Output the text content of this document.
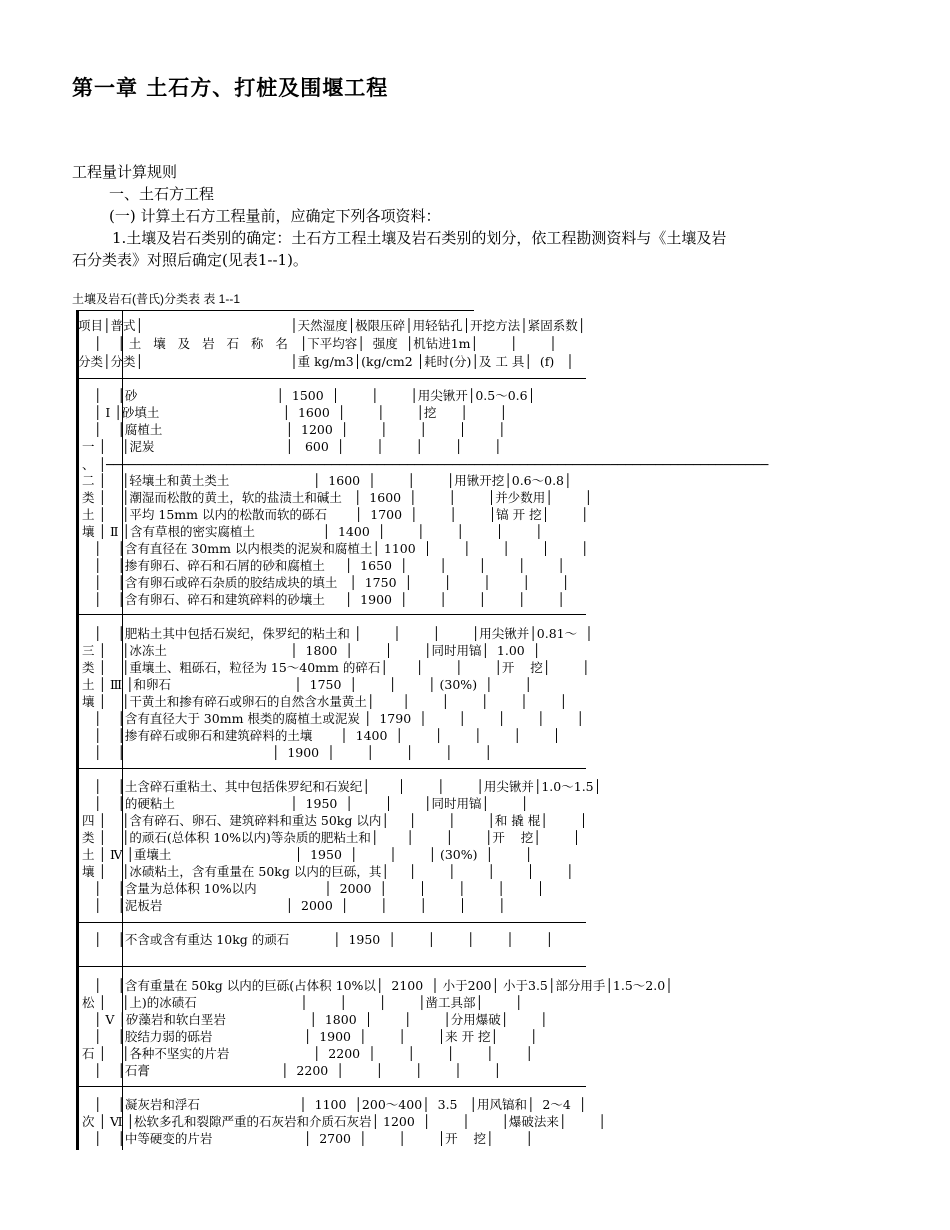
第一章 土石方、打桩及围堰工程
工程量计算规则
一、土石方工程
(一) 计算土石方工程量前，应确定下列各项资料：
1.土壤及岩石类别的确定：土石方工程土壤及岩石类别的划分，依工程勘测资料与《土壤及岩
石分类表》对照后确定(见表1--1)。
土壤及岩石(普氏)分类表 表 1--1
项目│普式│                                     │天然湿度│极限压碎│用轻钻孔│开挖方法│紧固系数│
│    │ 土   壤   及   岩   石   称   名   │下平均容│  强度  │机钻进1m│        │        │
分类│分类│                                     │重 kg/m3│(kg/cm2 │耗时(分)│及 工 具│  (f)   │
│    │砂                                   │  1500  │        │        │用尖锹开│0.5～0.6│
│ Ⅰ │砂填土                               │  1600  │        │        │挖      │        │
│    │腐植土                               │  1200  │        │        │        │        │
一 │    │泥炭                                 │   600  │        │        │        │        │
、 │────────────────────────────────────────────────────────────────────────────────────────
二 │    │轻壤土和黄土类土                     │  1600  │        │        │用锹开挖│0.6～0.8│
类 │    │潮湿而松散的黄土，软的盐渍土和碱土   │  1600  │        │        │并少数用│        │
土 │    │平均 15mm 以内的松散而软的砾石       │  1700  │        │        │镐 开 挖│        │
壤 │ Ⅱ │含有草根的密实腐植土                 │  1400  │        │        │        │        │
│    │含有直径在 30mm 以内根类的泥炭和腐植土│ 1100  │        │        │        │        │
│    │掺有卵石、碎石和石屑的砂和腐植土     │  1650  │        │        │        │        │
│    │含有卵石或碎石杂质的胶结成块的填土   │  1750  │        │        │        │        │
│    │含有卵石、碎石和建筑碎料的砂壤土     │  1900  │        │        │        │        │
│    │肥粘土其中包括石炭纪，侏罗纪的粘土和 │        │        │        │用尖锹并│0.81～  │
三 │    │冰冻土                               │  1800  │        │        │同时用镐│  1.00  │
类 │    │重壤土、粗砾石，粒径为 15～40mm 的碎石│       │        │        │开    挖│        │
土 │ Ⅲ │和卵石                               │  1750  │        │        │ (30%)  │        │
壤 │    │干黄土和掺有碎石或卵石的自然含水量黄土│       │        │        │        │        │
│    │含有直径大于 30mm 根类的腐植土或泥炭 │  1790  │        │        │        │        │
│    │掺有碎石或卵石和建筑碎料的土壤       │  1400  │        │        │        │        │
│    │                                     │  1900  │        │        │        │        │
│    │土含碎石重粘土、其中包括侏罗纪和石炭纪│       │        │        │用尖锹并│1.0～1.5│
│    │的硬粘土                             │  1950  │        │        │同时用镐│        │
四 │    │含有碎石、卵石、建筑碎料和重达 50kg 以内│     │        │        │和 撬 棍│        │
类 │    │的顽石(总体积 10%以内)等杂质的肥粘土和│       │        │        │开    挖│        │
土 │ Ⅳ │重壤土                               │  1950  │        │        │ (30%)  │        │
壤 │    │冰碛粘土，含有重量在 50kg 以内的巨砾，其│     │        │        │        │        │
│    │含量为总体积 10%以内                 │  2000  │        │        │        │        │
│    │泥板岩                               │  2000  │        │        │        │        │
│    │不含或含有重达 10kg 的顽石           │  1950  │        │        │        │        │
│    │含有重量在 50kg 以内的巨砾(占体积 10%以│  2100  │ 小于200│ 小于3.5│部分用手│1.5～2.0│
松 │    │上)的冰碛石                          │        │        │        │凿工具部│        │
│ Ⅴ │矽藻岩和软白垩岩                     │  1800  │        │        │分用爆破│        │
│    │胶结力弱的砾岩                       │  1900  │        │        │来 开 挖│        │
石 │    │各种不坚实的片岩                     │  2200  │        │        │        │        │
│    │石膏                                 │  2200  │        │        │        │        │
│    │凝灰岩和浮石                         │  1100  │200～400│  3.5   │用风镐和│  2～4  │
次 │ Ⅵ │松软多孔和裂隙严重的石灰岩和介质石灰岩│ 1200  │        │        │爆破法来│        │
│    │中等硬变的片岩                       │  2700  │        │        │开    挖│        │
